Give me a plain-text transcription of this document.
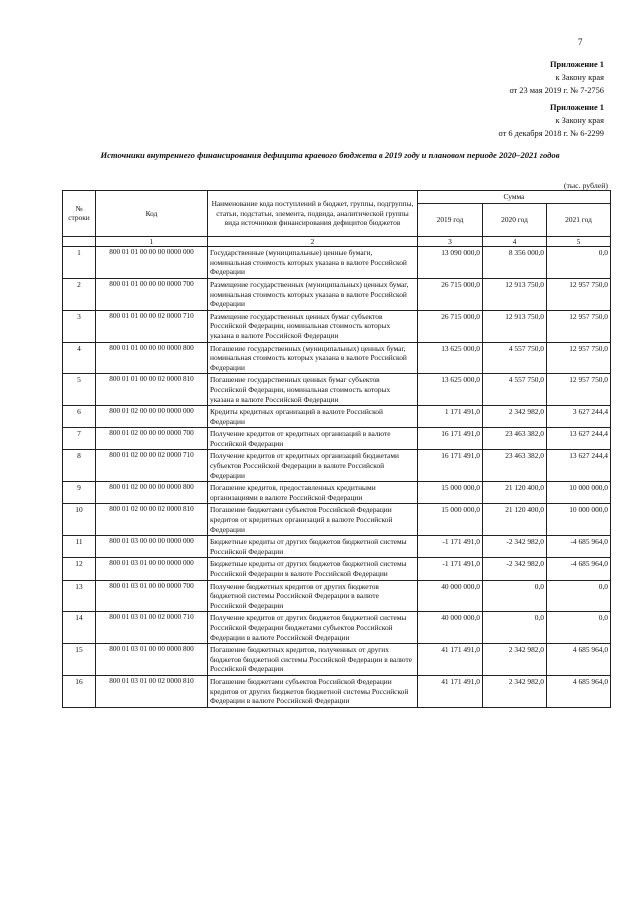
7
Приложение 1
к Закону края
от 23 мая 2019 г. № 7-2756
Приложение 1
к Закону края
от 6 декабря 2018 г. № 6-2299
Источники внутреннего финансирования дефицита краевого бюджета в 2019 году и плановом периоде 2020–2021 годов
(тыс. рублей)
№ строки	Код	Наименование кода поступлений в бюджет, группы, подгруппы, статьи, подстатьи, элемента, подвида, аналитической группы вида источников финансирования дефицитов бюджетов	Сумма		
			2019 год	2020 год	2021 год
	1	2	3	4	5
1	800 01 01 00 00 00 0000 000	Государственные (муниципальные) ценные бумаги, номинальная стоимость которых указана в валюте Российской Федерации	13 090 000,0	8 356 000,0	0,0
2	800 01 01 00 00 00 0000 700	Размещение государственных (муниципальных) ценных бумаг, номинальная стоимость которых указана в валюте Российской Федерации	26 715 000,0	12 913 750,0	12 957 750,0
3	800 01 01 00 00 02 0000 710	Размещение государственных ценных бумаг субъектов Российской Федерации, номинальная стоимость которых указана в валюте Российской Федерации	26 715 000,0	12 913 750,0	12 957 750,0
4	800 01 01 00 00 00 0000 800	Погашение государственных (муниципальных) ценных бумаг, номинальная стоимость которых указана в валюте Российской Федерации	13 625 000,0	4 557 750,0	12 957 750,0
5	800 01 01 00 00 02 0000 810	Погашение государственных ценных бумаг субъектов Российской Федерации, номинальная стоимость которых указана в валюте Российской Федерации	13 625 000,0	4 557 750,0	12 957 750,0
6	800 01 02 00 00 00 0000 000	Кредиты кредитных организаций в валюте Российской Федерации	1 171 491,0	2 342 982,0	3 627 244,4
7	800 01 02 00 00 00 0000 700	Получение кредитов от кредитных организаций в валюте Российской Федерации	16 171 491,0	23 463 382,0	13 627 244,4
8	800 01 02 00 00 02 0000 710	Получение кредитов от кредитных организаций бюджетами субъектов Российской Федерации в валюте Российской Федерации	16 171 491,0	23 463 382,0	13 627 244,4
9	800 01 02 00 00 00 0000 800	Погашение кредитов, предоставленных кредитными организациями в валюте Российской Федерации	15 000 000,0	21 120 400,0	10 000 000,0
10	800 01 02 00 00 02 0000 810	Погашение бюджетами субъектов Российской Федерации кредитов от кредитных организаций в валюте Российской Федерации	15 000 000,0	21 120 400,0	10 000 000,0
11	800 01 03 00 00 00 0000 000	Бюджетные кредиты от других бюджетов бюджетной системы Российской Федерации	-1 171 491,0	-2 342 982,0	-4 685 964,0
12	800 01 03 01 00 00 0000 000	Бюджетные кредиты от других бюджетов бюджетной системы Российской Федерации в валюте Российской Федерации	-1 171 491,0	-2 342 982,0	-4 685 964,0
13	800 01 03 01 00 00 0000 700	Получение бюджетных кредитов от других бюджетов бюджетной системы Российской Федерации в валюте Российской Федерации	40 000 000,0	0,0	0,0
14	800 01 03 01 00 02 0000 710	Получение кредитов от других бюджетов бюджетной системы Российской Федерации бюджетами субъектов Российской Федерации в валюте Российской Федерации	40 000 000,0	0,0	0,0
15	800 01 03 01 00 00 0000 800	Погашение бюджетных кредитов, полученных от других бюджетов бюджетной системы Российской Федерации в валюте Российской Федерации	41 171 491,0	2 342 982,0	4 685 964,0
16	800 01 03 01 00 02 0000 810	Погашение бюджетами субъектов Российской Федерации кредитов от других бюджетов бюджетной системы Российской Федерации в валюте Российской Федерации	41 171 491,0	2 342 982,0	4 685 964,0
